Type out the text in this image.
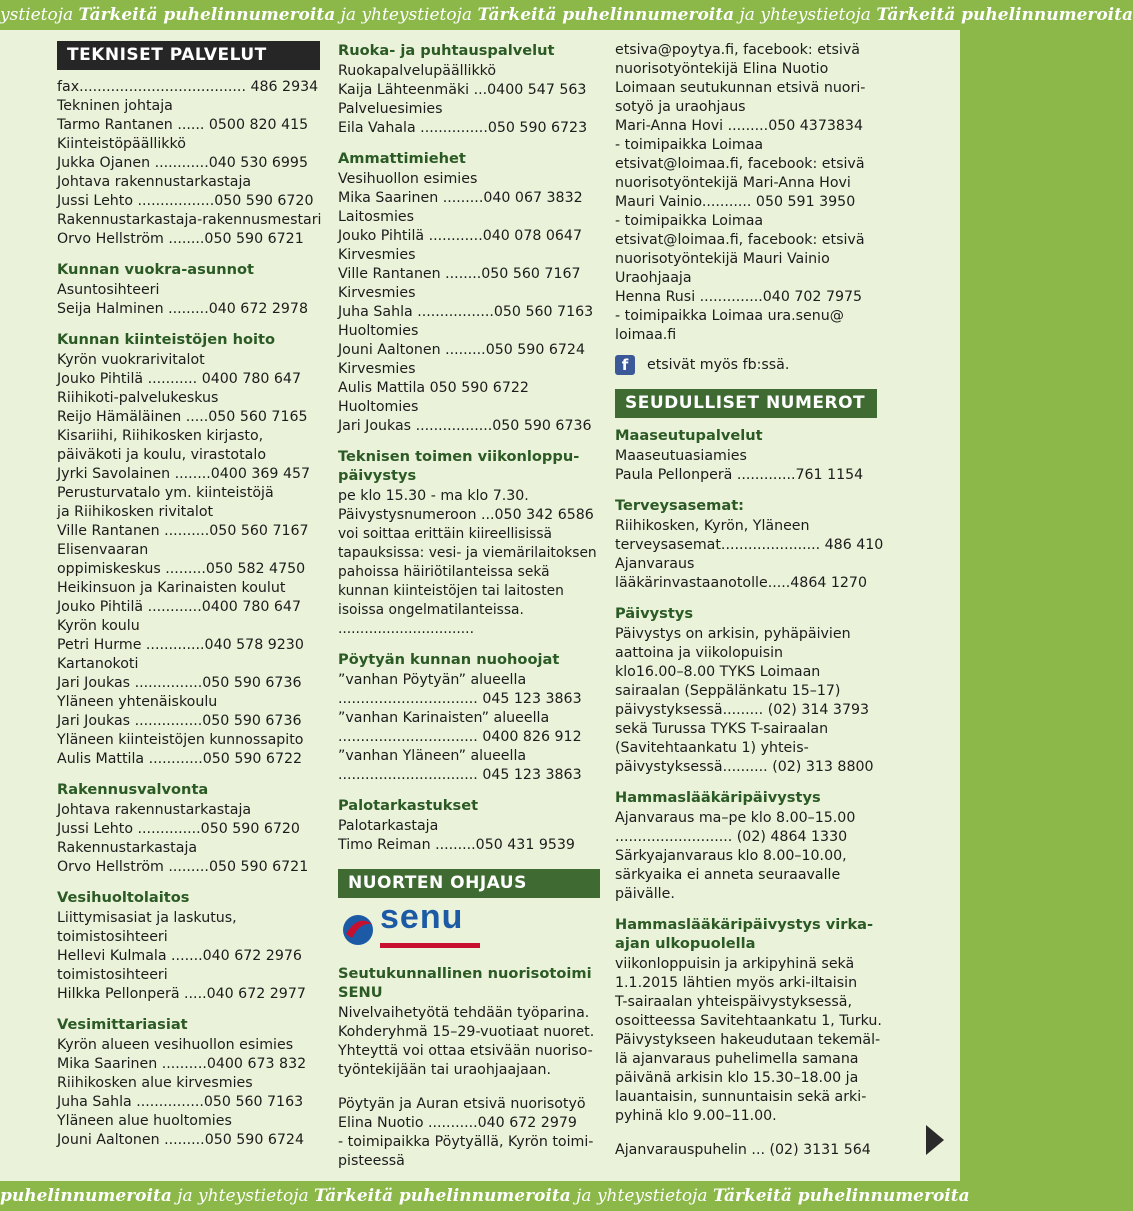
ystietoja Tärkeitä puhelinnumeroita ja yhteystietoja Tärkeitä puhelinnumeroita ja yhteystietoja Tärkeitä puhelinnumeroita
TEKNISET PALVELUT
fax..................................... 486 2934
Tekninen johtaja
Tarmo Rantanen ...... 0500 820 415
Kiinteistöpäällikkö
Jukka Ojanen ............040 530 6995
Johtava rakennustarkastaja
Jussi Lehto .................050 590 6720
Rakennustarkastaja-rakennusmestari
Orvo Hellström ........050 590 6721
Kunnan vuokra-asunnot
Asuntosihteeri
Seija Halminen .........040 672 2978
Kunnan kiinteistöjen hoito
Kyrön vuokrarivitalot
Jouko Pihtilä ........... 0400 780 647
Riihikoti-palvelukeskus
Reijo Hämäläinen .....050 560 7165
Kisariihi, Riihikosken kirjasto,
päiväkoti ja koulu, virastotalo
Jyrki Savolainen ........0400 369 457
Perusturvatalo ym. kiinteistöjä
ja Riihikosken rivitalot
Ville Rantanen ..........050 560 7167
Elisenvaaran
oppimiskeskus .........050 582 4750
Heikinsuon ja Karinaisten koulut
Jouko Pihtilä ............0400 780 647
Kyrön koulu
Petri Hurme .............040 578 9230
Kartanokoti
Jari Joukas ...............050 590 6736
Yläneen yhtenäiskoulu
Jari Joukas ...............050 590 6736
Yläneen kiinteistöjen kunnossapito
Aulis Mattila ............050 590 6722
Rakennusvalvonta
Johtava rakennustarkastaja
Jussi Lehto ..............050 590 6720
Rakennustarkastaja
Orvo Hellström .........050 590 6721
Vesihuoltolaitos
Liittymisasiat ja laskutus,
toimistosihteeri
Hellevi Kulmala .......040 672 2976
toimistosihteeri
Hilkka Pellonperä .....040 672 2977
Vesimittariasiat
Kyrön alueen vesihuollon esimies
Mika Saarinen ..........0400 673 832
Riihikosken alue kirvesmies
Juha Sahla ...............050 560 7163
Yläneen alue huoltomies
Jouni Aaltonen .........050 590 6724
Ruoka- ja puhtauspalvelut
Ruokapalvelupäällikkö
Kaija Lähteenmäki ...0400 547 563
Palveluesimies
Eila Vahala ...............050 590 6723
Ammattimiehet
Vesihuollon esimies
Mika Saarinen .........040 067 3832
Laitosmies
Jouko Pihtilä ............040 078 0647
Kirvesmies
Ville Rantanen ........050 560 7167
Kirvesmies
Juha Sahla .................050 560 7163
Huoltomies
Jouni Aaltonen .........050 590 6724
Kirvesmies
Aulis Mattila 050 590 6722
Huoltomies
Jari Joukas .................050 590 6736
Teknisen toimen viikonloppu-päivystys
pe klo 15.30 - ma klo 7.30.
Päivystysnumeroon ...050 342 6586
voi soittaa erittäin kiireellisissä tapauksissa: vesi- ja viemärilaitoksen pahoissa häiriötilanteissa sekä kunnan kiinteistöjen tai laitosten isoissa ongelmatilanteissa. ...............................
Pöytyän kunnan nuohoojat
”vanhan Pöytyän” alueella
............................... 045 123 3863
”vanhan Karinaisten” alueella
............................... 0400 826 912
”vanhan Yläneen” alueella
............................... 045 123 3863
Palotarkastukset
Palotarkastaja
Timo Reiman .........050 431 9539
NUORTEN OHJAUS
senu
Seutukunnallinen nuorisotoimi SENU
Nivelvaihetyötä tehdään työparina.
Kohderyhmä 15–29-vuotiaat nuoret.
Yhteyttä voi ottaa etsivään nuoriso-
työntekijään tai uraohjaajaan.
Pöytyän ja Auran etsivä nuorisotyö
Elina Nuotio ...........040 672 2979
- toimipaikka Pöytyällä, Kyrön toimi-
pisteessä
etsiva@poytya.fi, facebook: etsivä
nuorisotyöntekijä Elina Nuotio
Loimaan seutukunnan etsivä nuori-
sotyö ja uraohjaus
Mari-Anna Hovi .........050 4373834
- toimipaikka Loimaa
etsivat@loimaa.fi, facebook: etsivä
nuorisotyöntekijä Mari-Anna Hovi
Mauri Vainio........... 050 591 3950
- toimipaikka Loimaa
etsivat@loimaa.fi, facebook: etsivä
nuorisotyöntekijä Mauri Vainio
Uraohjaaja
Henna Rusi ..............040 702 7975
- toimipaikka Loimaa ura.senu@
loimaa.fi
f	etsivät myös fb:ssä.
SEUDULLISET NUMEROT
Maaseutupalvelut
Maaseutuasiamies
Paula Pellonperä .............761 1154
Terveysasemat:
Riihikosken, Kyrön, Yläneen
terveysasemat...................... 486 410
Ajanvaraus
lääkärinvastaanotolle.....4864 1270
Päivystys
Päivystys on arkisin, pyhäpäivien
aattoina ja viikolopuisin
klo16.00–8.00 TYKS Loimaan
sairaalan (Seppälänkatu 15–17)
päivystyksessä......... (02) 314 3793
sekä Turussa TYKS T-sairaalan
(Savitehtaankatu 1) yhteis-
päivystyksessä.......... (02) 313 8800
Hammaslääkäripäivystys
Ajanvaraus ma–pe klo 8.00–15.00
.......................... (02) 4864 1330
Särkyajanvaraus klo 8.00–10.00,
särkyaika ei anneta seuraavalle
päivälle.
Hammaslääkäripäivystys virka-ajan ulkopuolella
viikonloppuisin ja arkipyhinä sekä
1.1.2015 lähtien myös arki-iltaisin
T-sairaalan yhteispäivystyksessä,
osoitteessa Savitehtaankatu 1, Turku.
Päivystykseen hakeudutaan tekemäl-
lä ajanvaraus puhelimella samana
päivänä arkisin klo 15.30–18.00 ja
lauantaisin, sunnuntaisin sekä arki-
pyhinä klo 9.00–11.00.
Ajanvarauspuhelin ... (02) 3131 564
puhelinnumeroita ja yhteystietoja Tärkeitä puhelinnumeroita ja yhteystietoja Tärkeitä puhelinnumeroita
